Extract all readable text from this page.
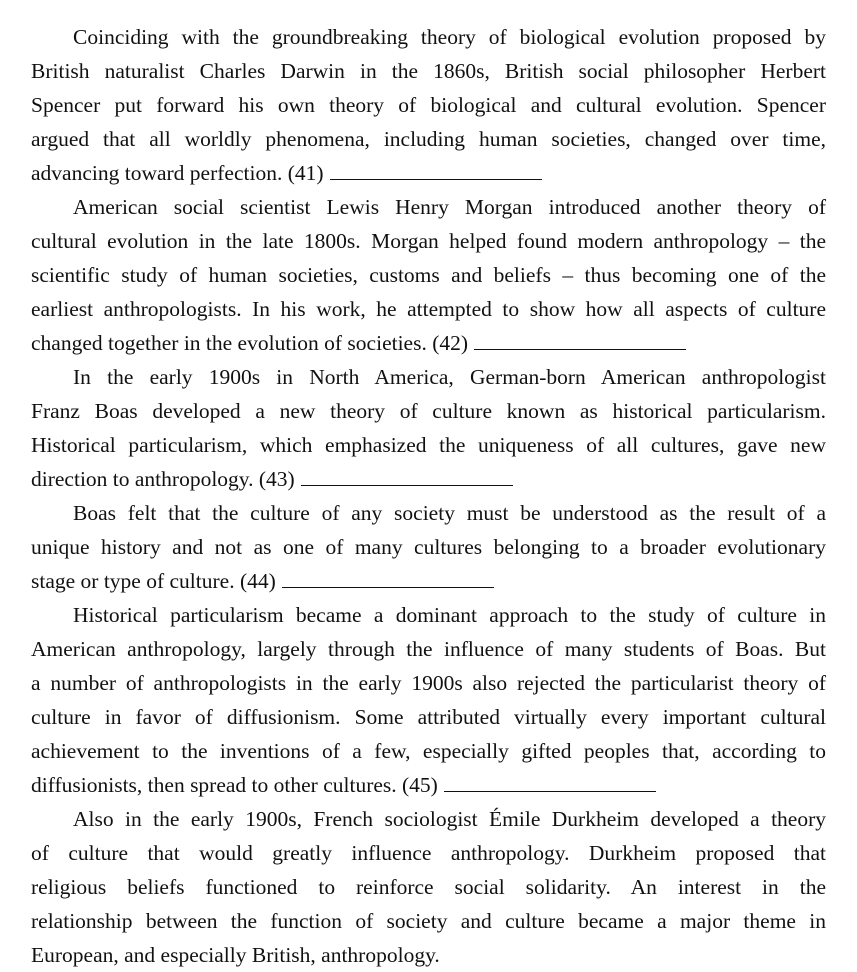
Coinciding with the groundbreaking theory of biological evolution proposed by
British naturalist Charles Darwin in the 1860s, British social philosopher Herbert
Spencer put forward his own theory of biological and cultural evolution. Spencer
argued that all worldly phenomena, including human societies, changed over time,
advancing toward perfection. (41)
American social scientist Lewis Henry Morgan introduced another theory of
cultural evolution in the late 1800s. Morgan helped found modern anthropology – the
scientific study of human societies, customs and beliefs – thus becoming one of the
earliest anthropologists. In his work, he attempted to show how all aspects of culture
changed together in the evolution of societies. (42)
In the early 1900s in North America, German-born American anthropologist
Franz Boas developed a new theory of culture known as historical particularism.
Historical particularism, which emphasized the uniqueness of all cultures, gave new
direction to anthropology. (43)
Boas felt that the culture of any society must be understood as the result of a
unique history and not as one of many cultures belonging to a broader evolutionary
stage or type of culture. (44)
Historical particularism became a dominant approach to the study of culture in
American anthropology, largely through the influence of many students of Boas. But
a number of anthropologists in the early 1900s also rejected the particularist theory of
culture in favor of diffusionism. Some attributed virtually every important cultural
achievement to the inventions of a few, especially gifted peoples that, according to
diffusionists, then spread to other cultures. (45)
Also in the early 1900s, French sociologist Émile Durkheim developed a theory
of culture that would greatly influence anthropology. Durkheim proposed that
religious beliefs functioned to reinforce social solidarity. An interest in the
relationship between the function of society and culture became a major theme in
European, and especially British, anthropology.
